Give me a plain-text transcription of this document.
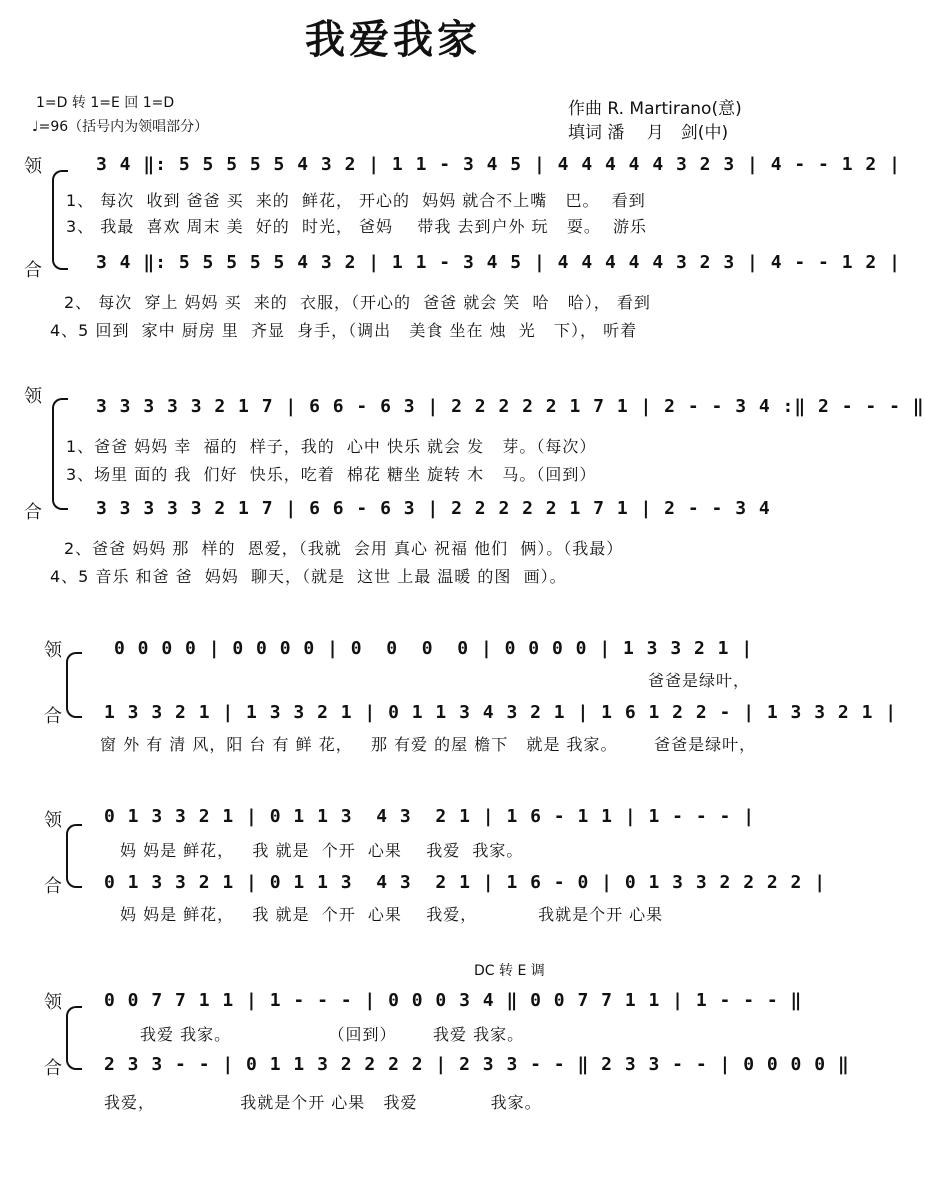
我爱我家
1=D 转 1=E 回 1=D
♩=96（括号内为领唱部分）
作曲 R. Martirano(意)
填词 潘　 月　剑(中)
领
合
3 4 ‖: 5 5 5 5 5 4 3 2 | 1 1 - 3 4 5 | 4 4 4 4 4 3 2 3 | 4 - - 1 2 |
1、 每次  收到 爸爸 买  来的  鲜花， 开心的  妈妈 就合不上嘴   巴。  看到
3、 我最  喜欢 周末 美  好的  时光， 爸妈    带我 去到户外 玩   耍。  游乐
3 4 ‖: 5 5 5 5 5 4 3 2 | 1 1 - 3 4 5 | 4 4 4 4 4 3 2 3 | 4 - - 1 2 |
2、 每次  穿上 妈妈 买  来的  衣服，（开心的  爸爸 就会 笑  哈   哈）， 看到
4、5 回到  家中 厨房 里  齐显  身手，（调出   美食 坐在 烛  光   下）， 听着
领
合
3 3 3 3 3 2 1 7 | 6 6 - 6 3 | 2 2 2 2 2 1 7 1 | 2 - - 3 4 :‖ 2 - - - ‖
1、爸爸 妈妈 幸  福的  样子，我的  心中 快乐 就会 发   芽。（每次）
3、场里 面的 我  们好  快乐，吃着  棉花 糖坐 旋转 木   马。（回到）
3 3 3 3 3 2 1 7 | 6 6 - 6 3 | 2 2 2 2 2 1 7 1 | 2 - - 3 4
2、爸爸 妈妈 那  样的  恩爱，（我就  会用 真心 祝福 他们  俩）。（我最）
4、5 音乐 和爸 爸  妈妈  聊天，（就是  这世 上最 温暖 的图  画）。
领
合
0 0 0 0 | 0 0 0 0 | 0  0  0  0 | 0 0 0 0 | 1 3 3 2 1 |
爸爸是绿叶，
1 3 3 2 1 | 1 3 3 2 1 | 0 1 1 3 4 3 2 1 | 1 6 1 2 2 - | 1 3 3 2 1 |
窗 外 有 清 风，阳 台 有 鲜 花，   那 有爱 的屋 檐下   就是 我家。      爸爸是绿叶，
领
合
0 1 3 3 2 1 | 0 1 1 3  4 3  2 1 | 1 6 - 1 1 | 1 - - - |
妈 妈是 鲜花，   我 就是  个开  心果    我爱  我家。
0 1 3 3 2 1 | 0 1 1 3  4 3  2 1 | 1 6 - 0 | 0 1 3 3 2 2 2 2 |
妈 妈是 鲜花，   我 就是  个开  心果    我爱，          我就是个开 心果
DC 转 E 调
领
合
0 0 7 7 1 1 | 1 - - - | 0 0 0 3 4 ‖ 0 0 7 7 1 1 | 1 - - - ‖
我爱 我家。                （回到）      我爱 我家。
2 3 3 - - | 0 1 1 3 2 2 2 2 | 2 3 3 - - ‖ 2 3 3 - - | 0 0 0 0 ‖
我爱，              我就是个开 心果   我爱            我家。
